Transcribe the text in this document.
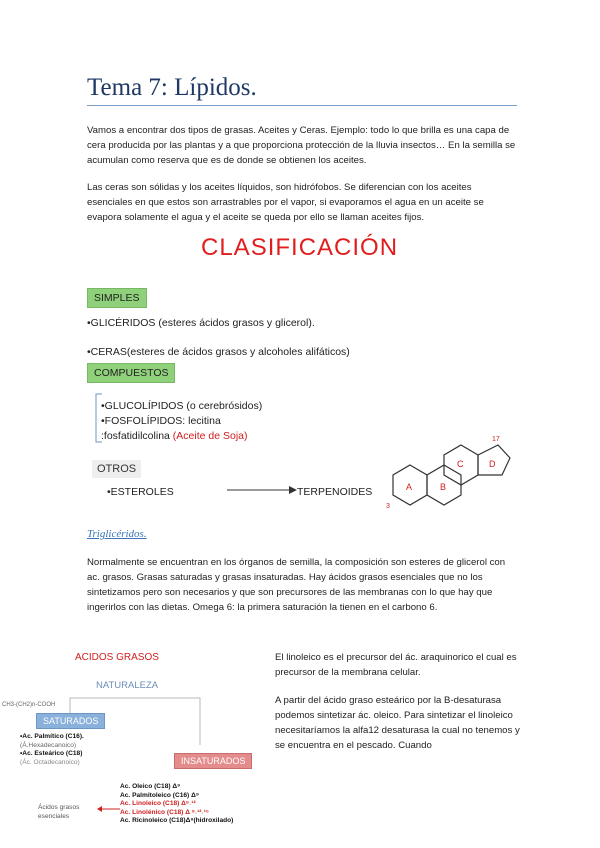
Tema 7: Lípidos.
Vamos a encontrar dos tipos de grasas. Aceites y Ceras. Ejemplo: todo lo que brilla es una capa de cera producida por las plantas y a que proporciona protección de la lluvia insectos… En la semilla se acumulan como reserva que es de donde se obtienen los aceites.
Las ceras son sólidas y los aceites líquidos, son hidrófobos. Se diferencian con los aceites esenciales en que estos son arrastrables por el vapor, si evaporamos el agua en un aceite se evapora solamente el agua y el aceite se queda por ello se llaman aceites fijos.
CLASIFICACIÓN
SIMPLES
•GLICÉRIDOS (esteres ácidos grasos y glicerol).
•CERAS(esteres de ácidos grasos y alcoholes alifáticos)
COMPUESTOS
•GLUCOLÍPIDOS (o cerebrósidos)
•FOSFOLÍPIDOS: lecitina
:fosfatidilcolina (Aceite de Soja)
OTROS
•ESTEROLES	TERPENOIDES	A	B
C	D
3
17
Triglicéridos.
Normalmente se encuentran en los órganos de semilla, la composición son esteres de glicerol con ac. grasos. Grasas saturadas y grasas insaturadas. Hay ácidos grasos esenciales que no los sintetizamos pero son necesarios y que son precursores de las membranas con lo que hay que ingerirlos con las dietas. Omega 6: la primera saturación la tienen en el carbono 6.
ACIDOS GRASOS
NATURALEZA
CH3-(CH2)n-COOH
SATURADOS
•Ac. Palmítico (C16).
(Á.Hexadecanoico)
•Ac. Esteárico (C18)
(Ác. Octadecanoico)	INSATURADOS
Ac. Oleico (C18) Δ⁹
Ac. Palmitoleico (C16) Δ⁹
Ac. Linoleico (C18) Δ⁹˒¹²
Ac. Linolénico (C18) Δ ⁹˒¹²˒¹⁵
Ac. Ricinoleico (C18)Δ⁹(hidroxilado)
Ácidos grasos
esenciales
El linoleico es el precursor del ác. araquinorico el cual es precursor de la membrana celular.
A partir del ácido graso esteárico por la B-desaturasa podemos sintetizar ác. oleico. Para sintetizar el linoleico necesitaríamos la alfa12 desaturasa la cual no tenemos y se encuentra en el pescado. Cuando
